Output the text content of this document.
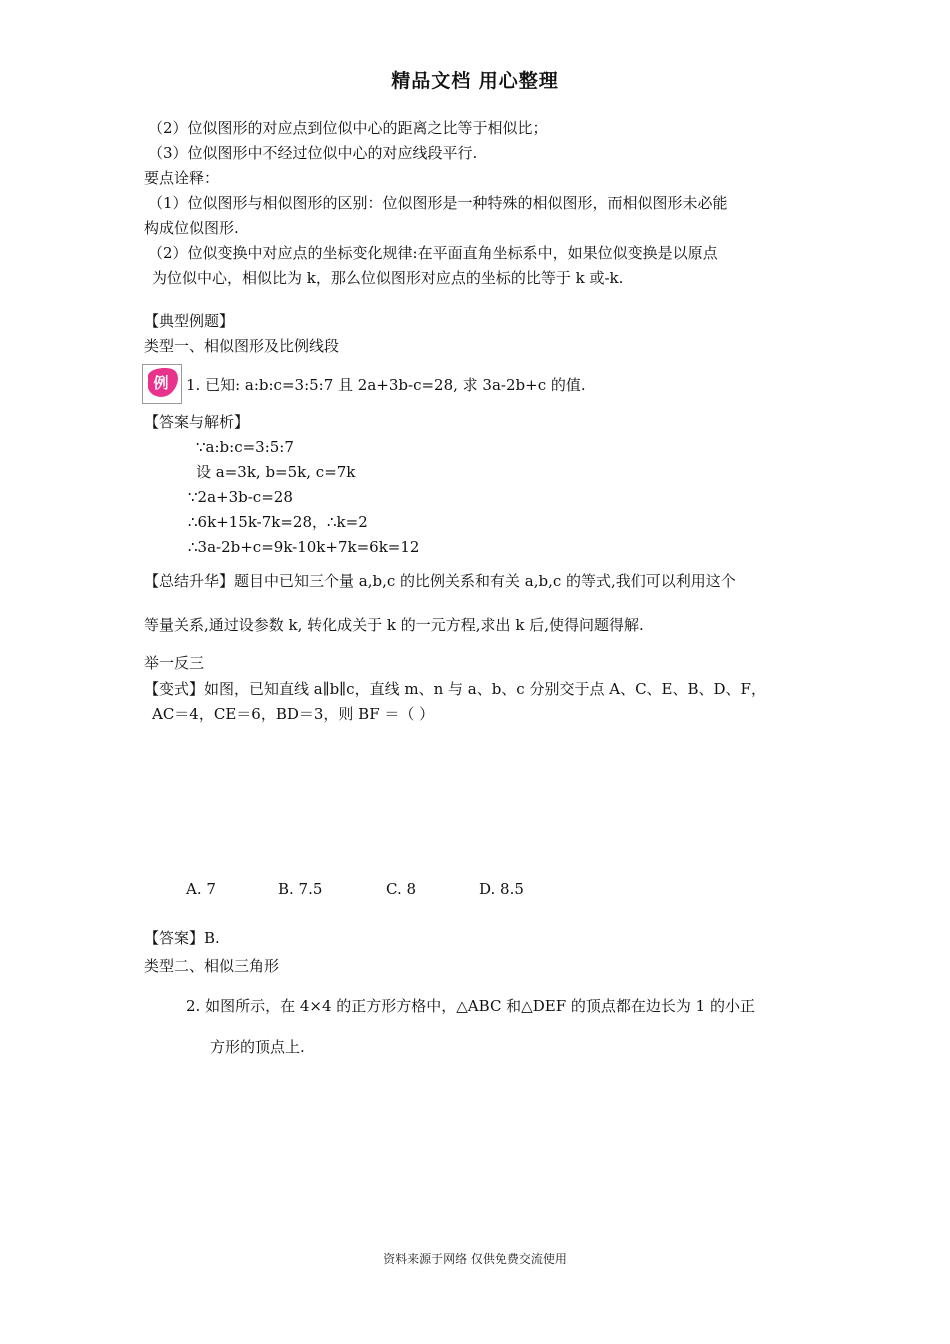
精品文档 用心整理
（2）位似图形的对应点到位似中心的距离之比等于相似比；
（3）位似图形中不经过位似中心的对应线段平行.
要点诠释：
（1）位似图形与相似图形的区别：位似图形是一种特殊的相似图形，而相似图形未必能
构成位似图形.
（2）位似变换中对应点的坐标变化规律:在平面直角坐标系中，如果位似变换是以原点
为位似中心，相似比为 k，那么位似图形对应点的坐标的比等于 k 或-k.
【典型例题】
类型一、相似图形及比例线段
例 1. 已知: a:b:c=3:5:7 且 2a+3b-c=28, 求 3a-2b+c 的值.
【答案与解析】
∵a:b:c=3:5:7
设 a=3k, b=5k, c=7k
∵2a+3b-c=28
∴6k+15k-7k=28，∴k=2
∴3a-2b+c=9k-10k+7k=6k=12
【总结升华】题目中已知三个量 a,b,c 的比例关系和有关 a,b,c 的等式,我们可以利用这个
等量关系,通过设参数 k, 转化成关于 k 的一元方程,求出 k 后,使得问题得解.
举一反三
【变式】如图，已知直线 a∥b∥c，直线 m、n 与 a、b、c 分别交于点 A、C、E、B、D、F，
AC＝4，CE＝6，BD＝3，则 BF ＝（ ）
A. 7	B. 7.5	C. 8	D. 8.5
【答案】B.
类型二、相似三角形
2. 如图所示，在 4×4 的正方形方格中，△ABC 和△DEF 的顶点都在边长为 1 的小正
方形的顶点上.
资料来源于网络 仅供免费交流使用
